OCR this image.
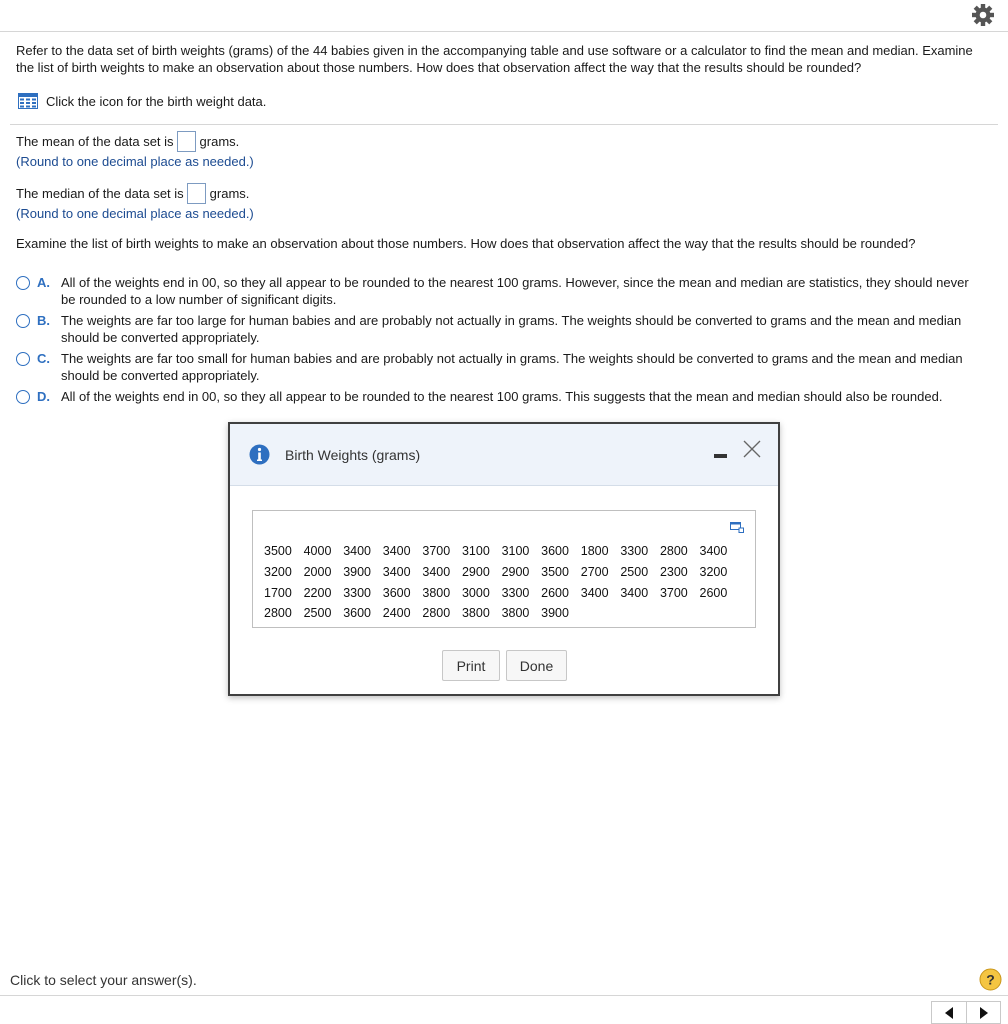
Refer to the data set of birth weights (grams) of the 44 babies given in the accompanying table and use software or a calculator to find the mean and median. Examine the list of birth weights to make an observation about those numbers. How does that observation affect the way that the results should be rounded?
Click the icon for the birth weight data.
The mean of the data set is grams.
(Round to one decimal place as needed.)
The median of the data set is grams.
(Round to one decimal place as needed.)
Examine the list of birth weights to make an observation about those numbers. How does that observation affect the way that the results should be rounded?
A. All of the weights end in 00, so they all appear to be rounded to the nearest 100 grams. However, since the mean and median are statistics, they should never be rounded to a low number of significant digits.
B. The weights are far too large for human babies and are probably not actually in grams. The weights should be converted to grams and the mean and median should be converted appropriately.
C. The weights are far too small for human babies and are probably not actually in grams. The weights should be converted to grams and the mean and median should be converted appropriately.
D. All of the weights end in 00, so they all appear to be rounded to the nearest 100 grams. This suggests that the mean and median should also be rounded.
Birth Weights (grams)
3500 4000 3400 3400 3700 3100 3100 3600 1800 3300 2800 3400
3200 2000 3900 3400 3400 2900 2900 3500 2700 2500 2300 3200
1700 2200 3300 3600 3800 3000 3300 2600 3400 3400 3700 2600
2800 2500 3600 2400 2800 3800 3800 3900
Print	Done
Click to select your answer(s).	?
